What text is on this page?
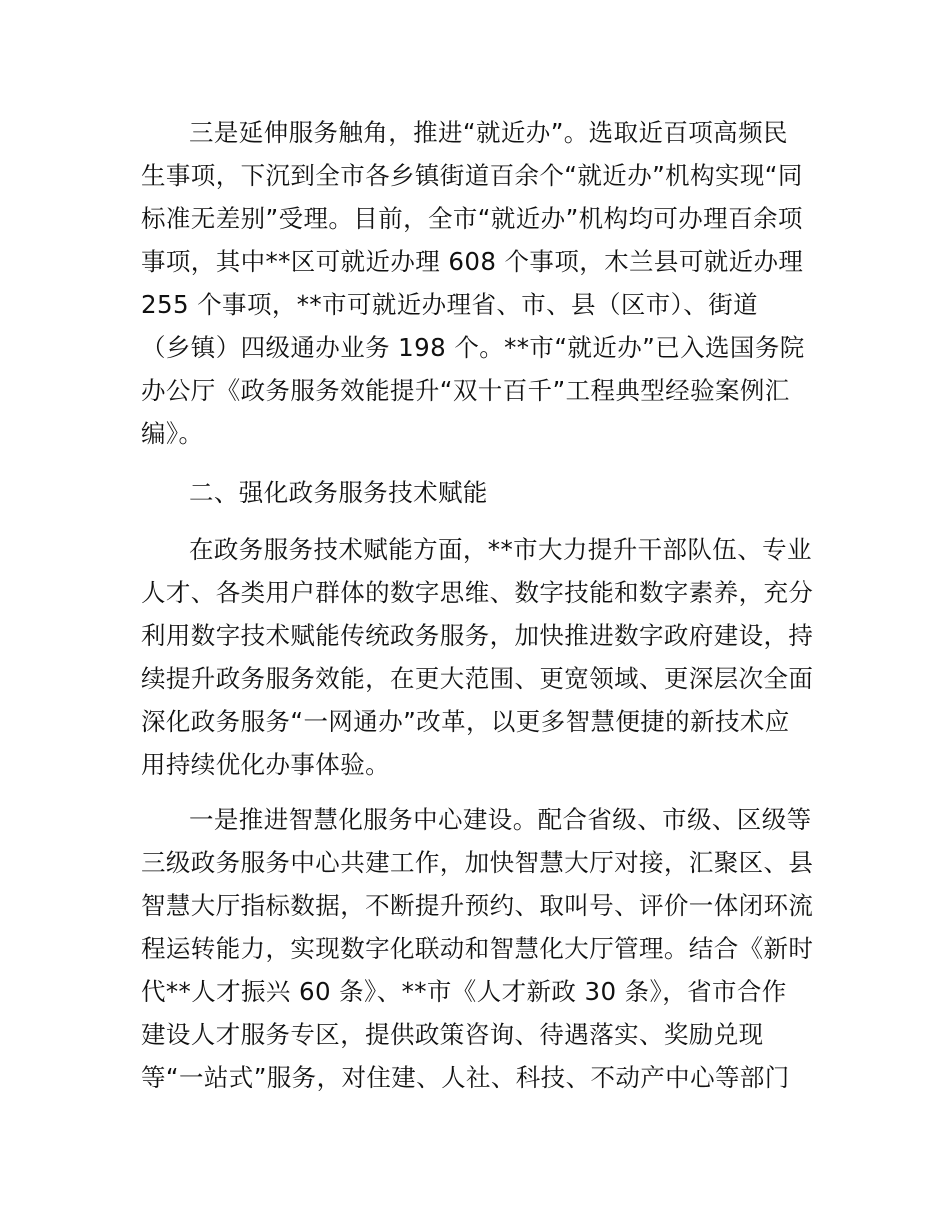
三是延伸服务触角，推进“就近办”。选取近百项高频民
生事项，下沉到全市各乡镇街道百余个“就近办”机构实现“同
标准无差别”受理。目前，全市“就近办”机构均可办理百余项
事项，其中**区可就近办理 608 个事项，木兰县可就近办理
255 个事项，**市可就近办理省、市、县（区市）、街道
（乡镇）四级通办业务 198 个。**市“就近办”已入选国务院
办公厅《政务服务效能提升“双十百千”工程典型经验案例汇
编》。
二、强化政务服务技术赋能
在政务服务技术赋能方面，**市大力提升干部队伍、专业
人才、各类用户群体的数字思维、数字技能和数字素养，充分
利用数字技术赋能传统政务服务，加快推进数字政府建设，持
续提升政务服务效能，在更大范围、更宽领域、更深层次全面
深化政务服务“一网通办”改革，以更多智慧便捷的新技术应
用持续优化办事体验。
一是推进智慧化服务中心建设。配合省级、市级、区级等
三级政务服务中心共建工作，加快智慧大厅对接，汇聚区、县
智慧大厅指标数据，不断提升预约、取叫号、评价一体闭环流
程运转能力，实现数字化联动和智慧化大厅管理。结合《新时
代**人才振兴 60 条》、**市《人才新政 30 条》，省市合作
建设人才服务专区，提供政策咨询、待遇落实、奖励兑现
等“一站式”服务，对住建、人社、科技、不动产中心等部门
